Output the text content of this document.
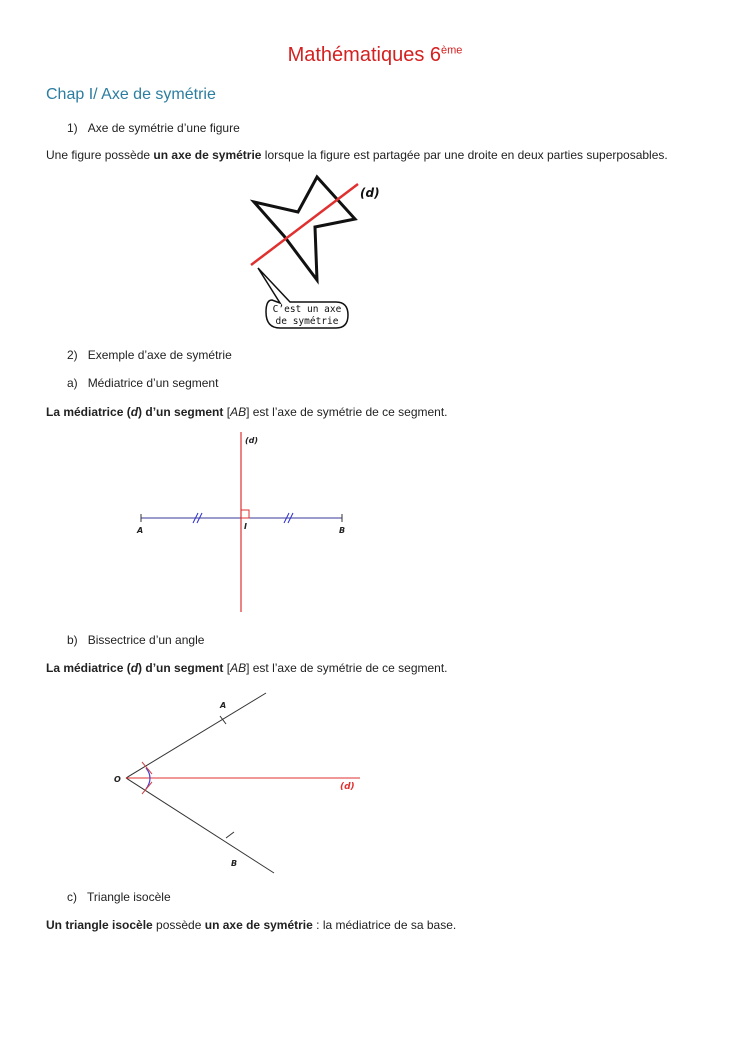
Mathématiques 6ème
Chap I/ Axe de symétrie
1) Axe de symétrie d’une figure
Une figure possède un axe de symétrie lorsque la figure est partagée par une droite en deux parties superposables.
(d)
C’est un axe
de symétrie
2) Exemple d’axe de symétrie
a) Médiatrice d’un segment
La médiatrice (d) d’un segment [AB] est l’axe de symétrie de ce segment.
(d)
A	I	B
b) Bissectrice d’un angle
La médiatrice (d) d’un segment [AB] est l’axe de symétrie de ce segment.
O
A
B
(d)
c) Triangle isocèle
Un triangle isocèle possède un axe de symétrie : la médiatrice de sa base.
